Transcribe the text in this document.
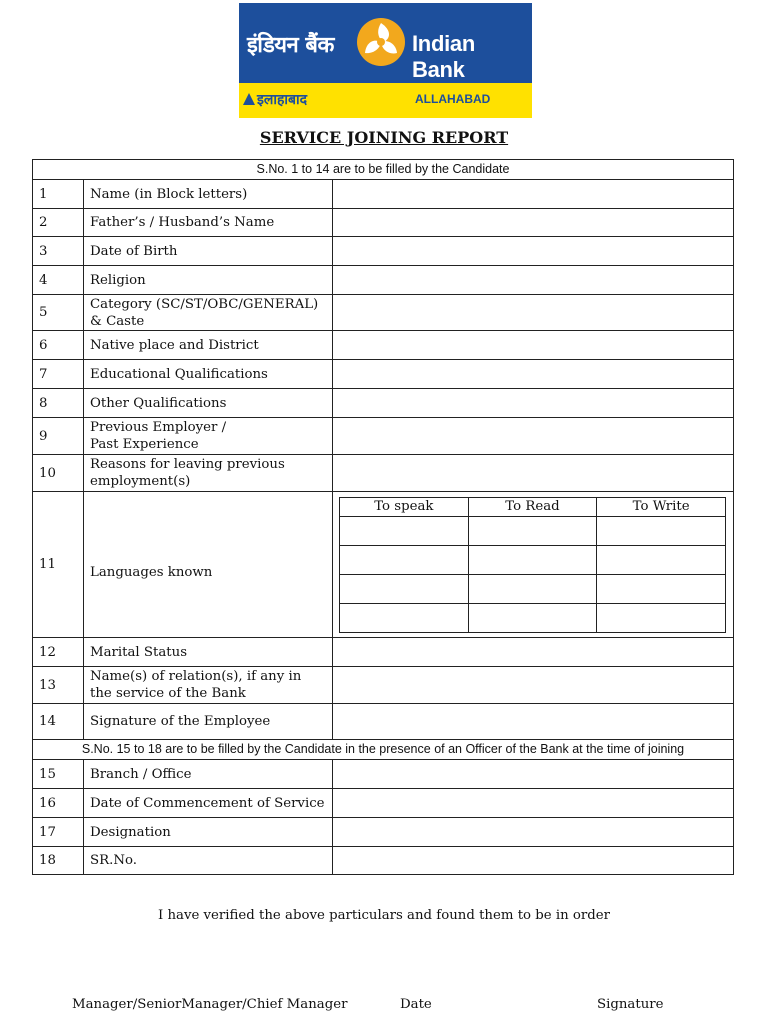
इंडियन बैंक	Indian Bank
इलाहाबाद	ALLAHABAD
SERVICE JOINING REPORT
S.No. 1 to 14 are to be filled by the Candidate
1	Name (in Block letters)	
2	Father’s / Husband’s Name	
3	Date of Birth	
4	Religion	
5	Category (SC/ST/OBC/GENERAL) & Caste	
6	Native place and District	
7	Educational Qualifications	
8	Other Qualifications	
9	Previous Employer /
Past Experience	
10	Reasons for leaving previous employment(s)	
11	Languages known	
To speak	To Read	To Write

12	Marital Status	
13	Name(s) of relation(s), if any in the service of the Bank	
14	Signature of the Employee	
S.No. 15 to 18 are to be filled by the Candidate in the presence of an Officer of the Bank at the time of joining
15	Branch / Office	
16	Date of Commencement of Service	
17	Designation	
18	SR.No.	
I have verified the above particulars and found them to be in order
Manager/SeniorManager/Chief Manager	Date	Signature
